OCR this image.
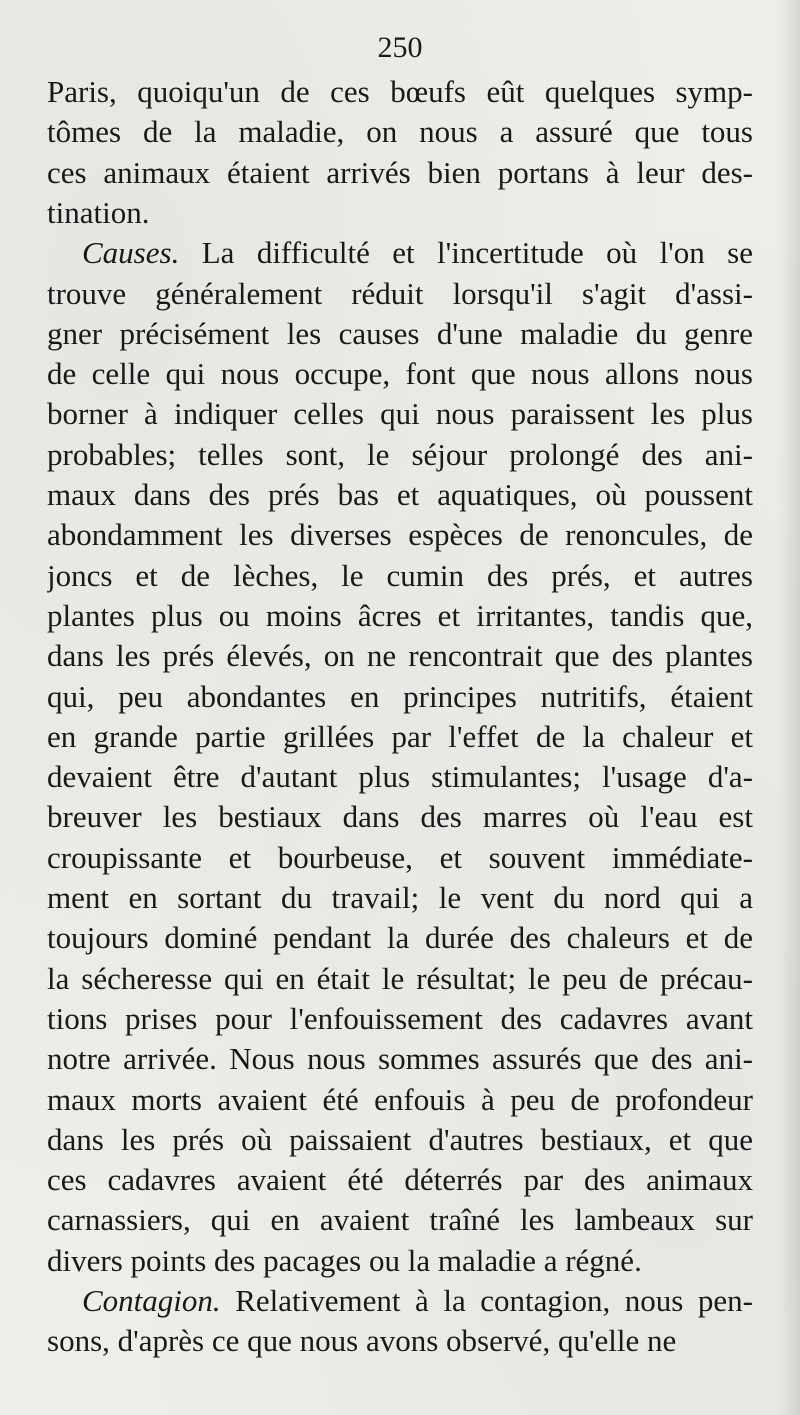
250
Paris, quoiqu'un de ces bœufs eût quelques symp-
tômes de la maladie, on nous a assuré que tous
ces animaux étaient arrivés bien portans à leur des-
tination.
Causes. La difficulté et l'incertitude où l'on se
trouve généralement réduit lorsqu'il s'agit d'assi-
gner précisément les causes d'une maladie du genre
de celle qui nous occupe, font que nous allons nous
borner à indiquer celles qui nous paraissent les plus
probables; telles sont, le séjour prolongé des ani-
maux dans des prés bas et aquatiques, où poussent
abondamment les diverses espèces de renoncules, de
joncs et de lèches, le cumin des prés, et autres
plantes plus ou moins âcres et irritantes, tandis que,
dans les prés élevés, on ne rencontrait que des plantes
qui, peu abondantes en principes nutritifs, étaient
en grande partie grillées par l'effet de la chaleur et
devaient être d'autant plus stimulantes; l'usage d'a-
breuver les bestiaux dans des marres où l'eau est
croupissante et bourbeuse, et souvent immédiate-
ment en sortant du travail; le vent du nord qui a
toujours dominé pendant la durée des chaleurs et de
la sécheresse qui en était le résultat; le peu de précau-
tions prises pour l'enfouissement des cadavres avant
notre arrivée. Nous nous sommes assurés que des ani-
maux morts avaient été enfouis à peu de profondeur
dans les prés où paissaient d'autres bestiaux, et que
ces cadavres avaient été déterrés par des animaux
carnassiers, qui en avaient traîné les lambeaux sur
divers points des pacages ou la maladie a régné.
Contagion. Relativement à la contagion, nous pen-
sons, d'après ce que nous avons observé, qu'elle ne
